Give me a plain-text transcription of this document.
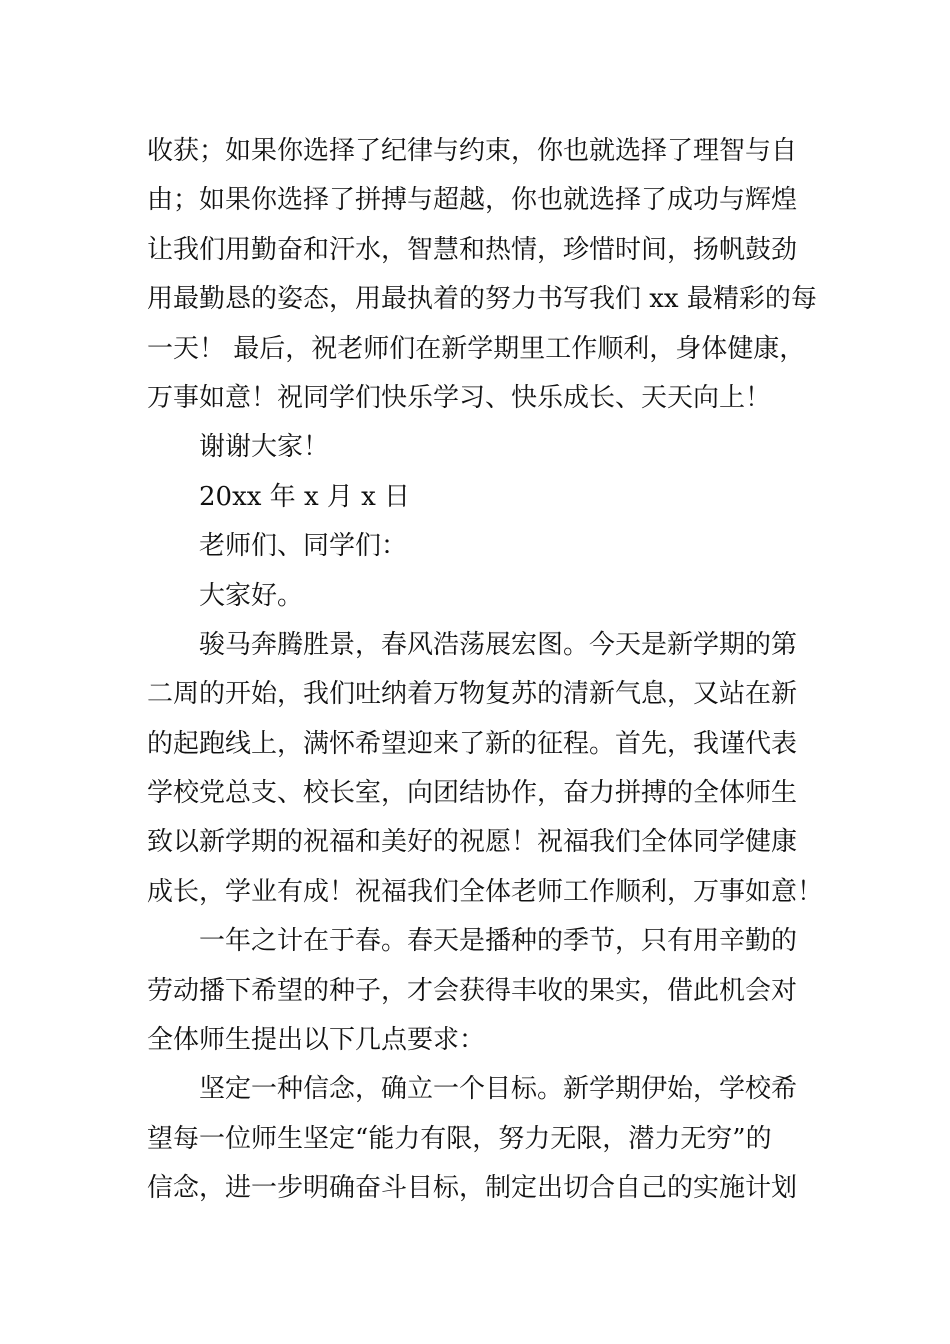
收获；如果你选择了纪律与约束，你也就选择了理智与自
由；如果你选择了拼搏与超越，你也就选择了成功与辉煌
让我们用勤奋和汗水，智慧和热情，珍惜时间，扬帆鼓劲
用最勤恳的姿态，用最执着的努力书写我们 xx 最精彩的每
一天！ 最后，祝老师们在新学期里工作顺利，身体健康，
万事如意！祝同学们快乐学习、快乐成长、天天向上！
谢谢大家！
20xx 年 x 月 x 日
老师们、同学们：
大家好。
骏马奔腾胜景，春风浩荡展宏图。今天是新学期的第
二周的开始，我们吐纳着万物复苏的清新气息，又站在新
的起跑线上，满怀希望迎来了新的征程。首先，我谨代表
学校党总支、校长室，向团结协作，奋力拼搏的全体师生
致以新学期的祝福和美好的祝愿！祝福我们全体同学健康
成长，学业有成！祝福我们全体老师工作顺利，万事如意！
一年之计在于春。春天是播种的季节，只有用辛勤的
劳动播下希望的种子，才会获得丰收的果实，借此机会对
全体师生提出以下几点要求：
坚定一种信念，确立一个目标。新学期伊始，学校希
望每一位师生坚定“能力有限，努力无限，潜力无穷”的
信念，进一步明确奋斗目标，制定出切合自己的实施计划
